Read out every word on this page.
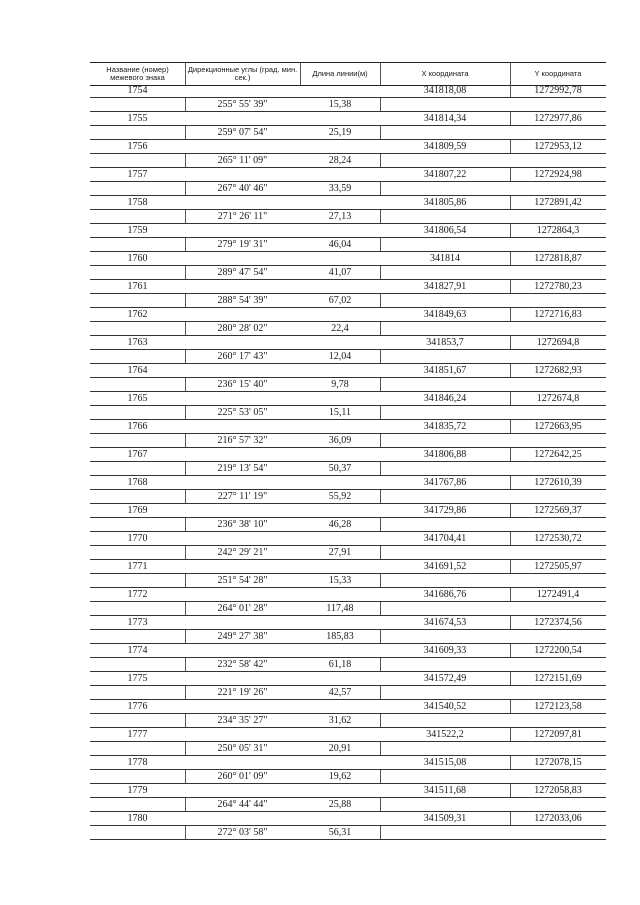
Название (номер) межевого знака
Дирекционные углы (град. мин. сек.)	Длина линии(м)	X координата	Y координата
1754	341818,08	1272992,78
255° 55' 39"	15,38
1755	341814,34	1272977,86
259° 07' 54"	25,19
1756	341809,59	1272953,12
265° 11' 09"	28,24
1757	341807,22	1272924,98
267° 40' 46"	33,59
1758	341805,86	1272891,42
271° 26' 11"	27,13
1759	341806,54	1272864,3
279° 19' 31"	46,04
1760	341814	1272818,87
289° 47' 54"	41,07
1761	341827,91	1272780,23
288° 54' 39"	67,02
1762	341849,63	1272716,83
280° 28' 02"	22,4
1763	341853,7	1272694,8
260° 17' 43"	12,04
1764	341851,67	1272682,93
236° 15' 40"	9,78
1765	341846,24	1272674,8
225° 53' 05"	15,11
1766	341835,72	1272663,95
216° 57' 32"	36,09
1767	341806,88	1272642,25
219° 13' 54"	50,37
1768	341767,86	1272610,39
227° 11' 19"	55,92
1769	341729,86	1272569,37
236° 38' 10"	46,28
1770	341704,41	1272530,72
242° 29' 21"	27,91
1771	341691,52	1272505,97
251° 54' 28"	15,33
1772	341686,76	1272491,4
264° 01' 28"	117,48
1773	341674,53	1272374,56
249° 27' 38"	185,83
1774	341609,33	1272200,54
232° 58' 42"	61,18
1775	341572,49	1272151,69
221° 19' 26"	42,57
1776	341540,52	1272123,58
234° 35' 27"	31,62
1777	341522,2	1272097,81
250° 05' 31"	20,91
1778	341515,08	1272078,15
260° 01' 09"	19,62
1779	341511,68	1272058,83
264° 44' 44"	25,88
1780	341509,31	1272033,06
272° 03' 58"	56,31
